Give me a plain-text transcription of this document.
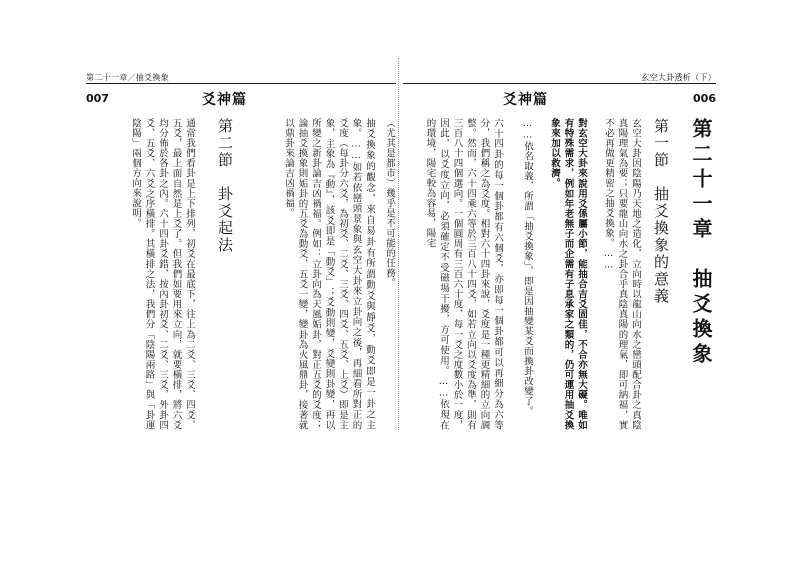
玄空大卦透析（下）
006
爻神篇
第二十一章　抽爻換象
第一節　抽爻換象的意義
玄空大卦因陰陽乃天地之造化，立向時以龍山向水之巒頭配合卦之真陰真陽理氣為要；只要龍山向水之卦合乎真陰真陽的理氣，即可納福，實不必再做更精密之抽爻換象。……
對玄空大卦來說用爻係屬小節，能抽合吉爻固佳，不合亦無大礙。唯如有特殊需求，例如年老無子而企需有子息承家之類的，仍可運用抽爻換象來加以救濟。
……依名取義，所謂「抽爻換象」，即是因抽變某爻而換卦改變了。
六十四卦的每一個卦都有六個爻，亦即每一個卦都可以再細分為六等分，我們稱之為爻度。相對六十四卦來說，爻度是一種更精細的立向調整。然而，六十四乘六等於三百八十四爻，如若立向以爻度為準，則有三百八十四個選向。一個圓周有三百六十度，每一爻之度數小於一度，因此，以爻度立向，必須確定不受磁場干擾，方可使用。……依現在的環境，陽宅較為容易，陽宅
第二十一章／抽爻換象
007	爻神篇
（尤其是都市）幾乎是不可能的任務。
抽爻換象的觀念，來自易卦有所謂動爻與靜爻，動爻即是一卦之主象。……如若依巒頭景象與玄空大卦來立卦向之後，再細看所對正的爻度（每卦分六爻，為初爻、二爻、三爻、四爻、五爻、上爻）即是主象，主象為『動』，該爻即是「動爻」；爻動則變，爻變則卦變，再以所變之新卦論吉凶禍福。例如：立卦向為天風姤卦，對正五爻的爻度；論抽爻換象則姤卦的五爻為動爻，五爻一變，變卦為火風鼎卦，接著就以鼎卦來論吉凶禍福。
第二節　卦爻起法
通常我們看卦是上下排列，初爻在最底下，往上為二爻、三爻、四爻、五爻，最上面自然是上爻了。但我們如要用來立向，就要橫排，將六爻均分佈於各卦之內。六十四卦爻錯，按內卦初爻、二爻、三爻，外卦四爻、五爻、六爻之序橫排。其橫排之法，我們分「陰陽兩路」與「卦運陰陽」兩個方向來說明。
